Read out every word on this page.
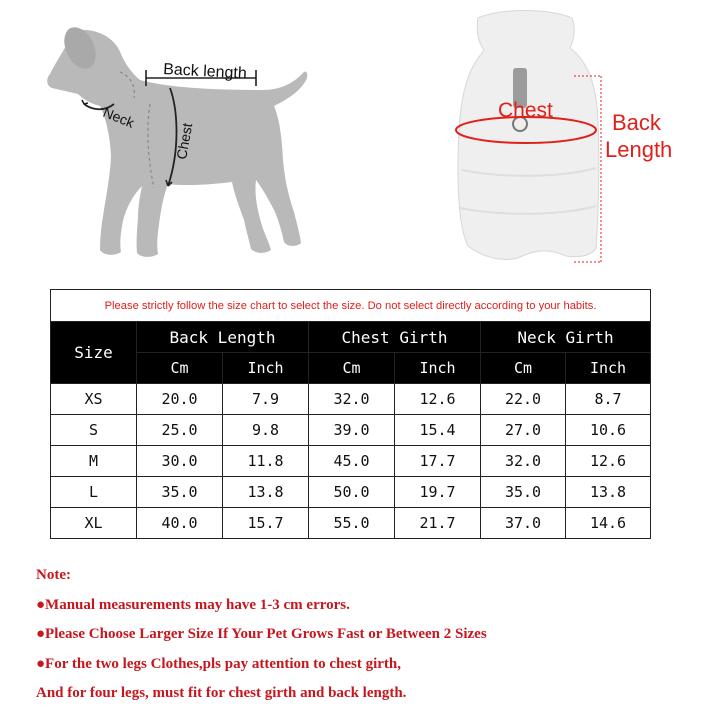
Back length
Neck
Chest
Chest	Back
Length
Please strictly follow the size chart to select the size. Do not select directly according to your habits.						
Size	Back Length		Chest Girth		Neck Girth	
	Cm	Inch	Cm	Inch	Cm	Inch
XS	20.0	7.9	32.0	12.6	22.0	8.7
S	25.0	9.8	39.0	15.4	27.0	10.6
M	30.0	11.8	45.0	17.7	32.0	12.6
L	35.0	13.8	50.0	19.7	35.0	13.8
XL	40.0	15.7	55.0	21.7	37.0	14.6
Note:
●Manual measurements may have 1-3 cm errors.
●Please Choose Larger Size If Your Pet Grows Fast or Between 2 Sizes
●For the two legs Clothes,pls pay attention to chest girth,
And for four legs, must fit for chest girth and back length.
